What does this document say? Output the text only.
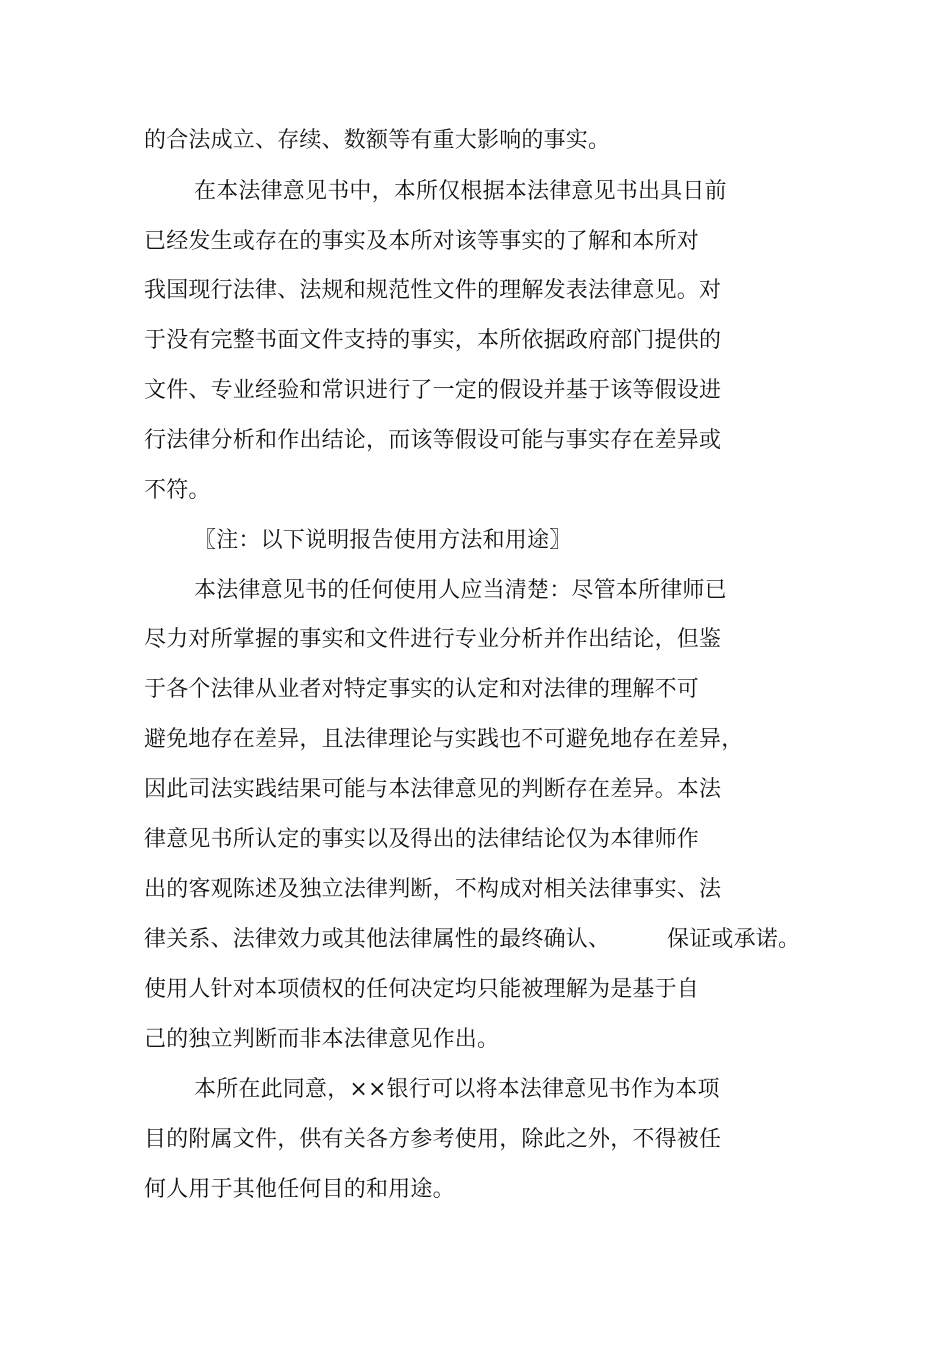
的合法成立、存续、数额等有重大影响的事实。
在本法律意见书中，本所仅根据本法律意见书出具日前
已经发生或存在的事实及本所对该等事实的了解和本所对
我国现行法律、法规和规范性文件的理解发表法律意见。对
于没有完整书面文件支持的事实，本所依据政府部门提供的
文件、专业经验和常识进行了一定的假设并基于该等假设进
行法律分析和作出结论，而该等假设可能与事实存在差异或
不符。
〖注：以下说明报告使用方法和用途〗
本法律意见书的任何使用人应当清楚：尽管本所律师已
尽力对所掌握的事实和文件进行专业分析并作出结论，但鉴
于各个法律从业者对特定事实的认定和对法律的理解不可
避免地存在差异，且法律理论与实践也不可避免地存在差异，
因此司法实践结果可能与本法律意见的判断存在差异。本法
律意见书所认定的事实以及得出的法律结论仅为本律师作
出的客观陈述及独立法律判断，不构成对相关法律事实、法
律关系、法律效力或其他法律属性的最终确认、	保证或承诺。
使用人针对本项债权的任何决定均只能被理解为是基于自
己的独立判断而非本法律意见作出。
本所在此同意，××银行可以将本法律意见书作为本项
目的附属文件，供有关各方参考使用，除此之外，不得被任
何人用于其他任何目的和用途。
